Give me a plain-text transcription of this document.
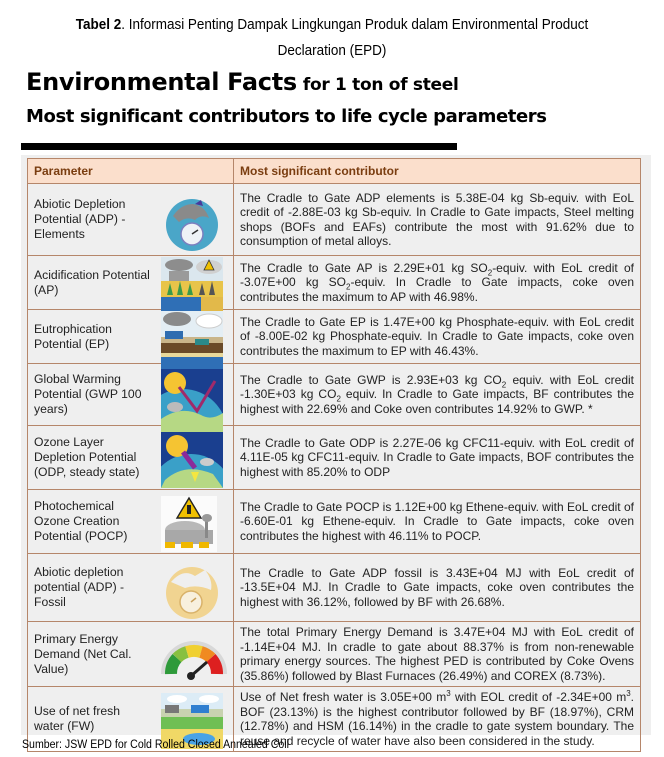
Tabel 2. Informasi Penting Dampak Lingkungan Produk dalam Environmental Product
Declaration (EPD)
Environmental Facts for 1 ton of steel
Most significant contributors to life cycle parameters
Parameter	Most significant contributor

Abiotic Depletion Potential (ADP) - Elements	The Cradle to Gate ADP elements is 5.38E-04 kg Sb-equiv. with EoL credit of -2.88E-03 kg Sb-equiv. In Cradle to Gate impacts, Steel melting shops (BOFs and EAFs) contribute the most with 91.62% due to consumption of metal alloys.

Acidification Potential (AP)	The Cradle to Gate AP is 2.29E+01 kg $SO_2$-equiv. with EoL credit of -3.07E+00 kg $SO_2$-equiv. In Cradle to Gate impacts, coke oven contributes the maximum to AP with 46.98%.

Eutrophication Potential (EP)	The Cradle to Gate EP is 1.47E+00 kg Phosphate-equiv. with EoL credit of -8.00E-02 kg Phosphate-equiv. In Cradle to Gate impacts, coke oven contributes the maximum to EP with 46.43%.

Global Warming Potential (GWP 100 years)	The Cradle to Gate GWP is 2.93E+03 kg $CO_2$ equiv. with EoL credit -1.30E+03 kg $CO_2$ equiv. In Cradle to Gate impacts, BF contributes the highest with 22.69% and Coke oven contributes 14.92% to GWP. *

Ozone Layer Depletion Potential (ODP, steady state)	The Cradle to Gate ODP is 2.27E-06 kg CFC11-equiv. with EoL credit of 4.11E-05 kg CFC11-equiv. In Cradle to Gate impacts, BOF contributes the highest with 85.20% to ODP

Photochemical Ozone Creation Potential (POCP)	The Cradle to Gate POCP is 1.12E+00 kg Ethene-equiv. with EoL credit of -6.60E-01 kg Ethene-equiv. In Cradle to Gate impacts, coke oven contributes the highest with 46.11% to POCP.

Abiotic depletion potential (ADP) - Fossil	The Cradle to Gate ADP fossil is 3.43E+04 MJ with EoL credit of -13.5E+04 MJ. In Cradle to Gate impacts, coke oven contributes the highest with 36.12%, followed by BF with 26.68%.

Primary Energy Demand (Net Cal. Value)	The total Primary Energy Demand is 3.47E+04 MJ with EoL credit of -1.14E+04 MJ. In cradle to gate about 88.37% is from non-renewable primary energy sources. The highest PED is contributed by Coke Ovens (35.86%) followed by Blast Furnaces (26.49%) and COREX (8.73%).

Use of net fresh water (FW)	Use of Net fresh water is 3.05E+00 $m^3$ with EOL credit of -2.34E+00 $m^3$. BOF (23.13%) is the highest contributor followed by BF (18.97%), CRM (12.78%) and HSM (16.14%) in the cradle to gate system boundary. The reuse and recycle of water have also been considered in the study.
Sumber: JSW EPD for Cold Rolled Closed Annealed Coil
